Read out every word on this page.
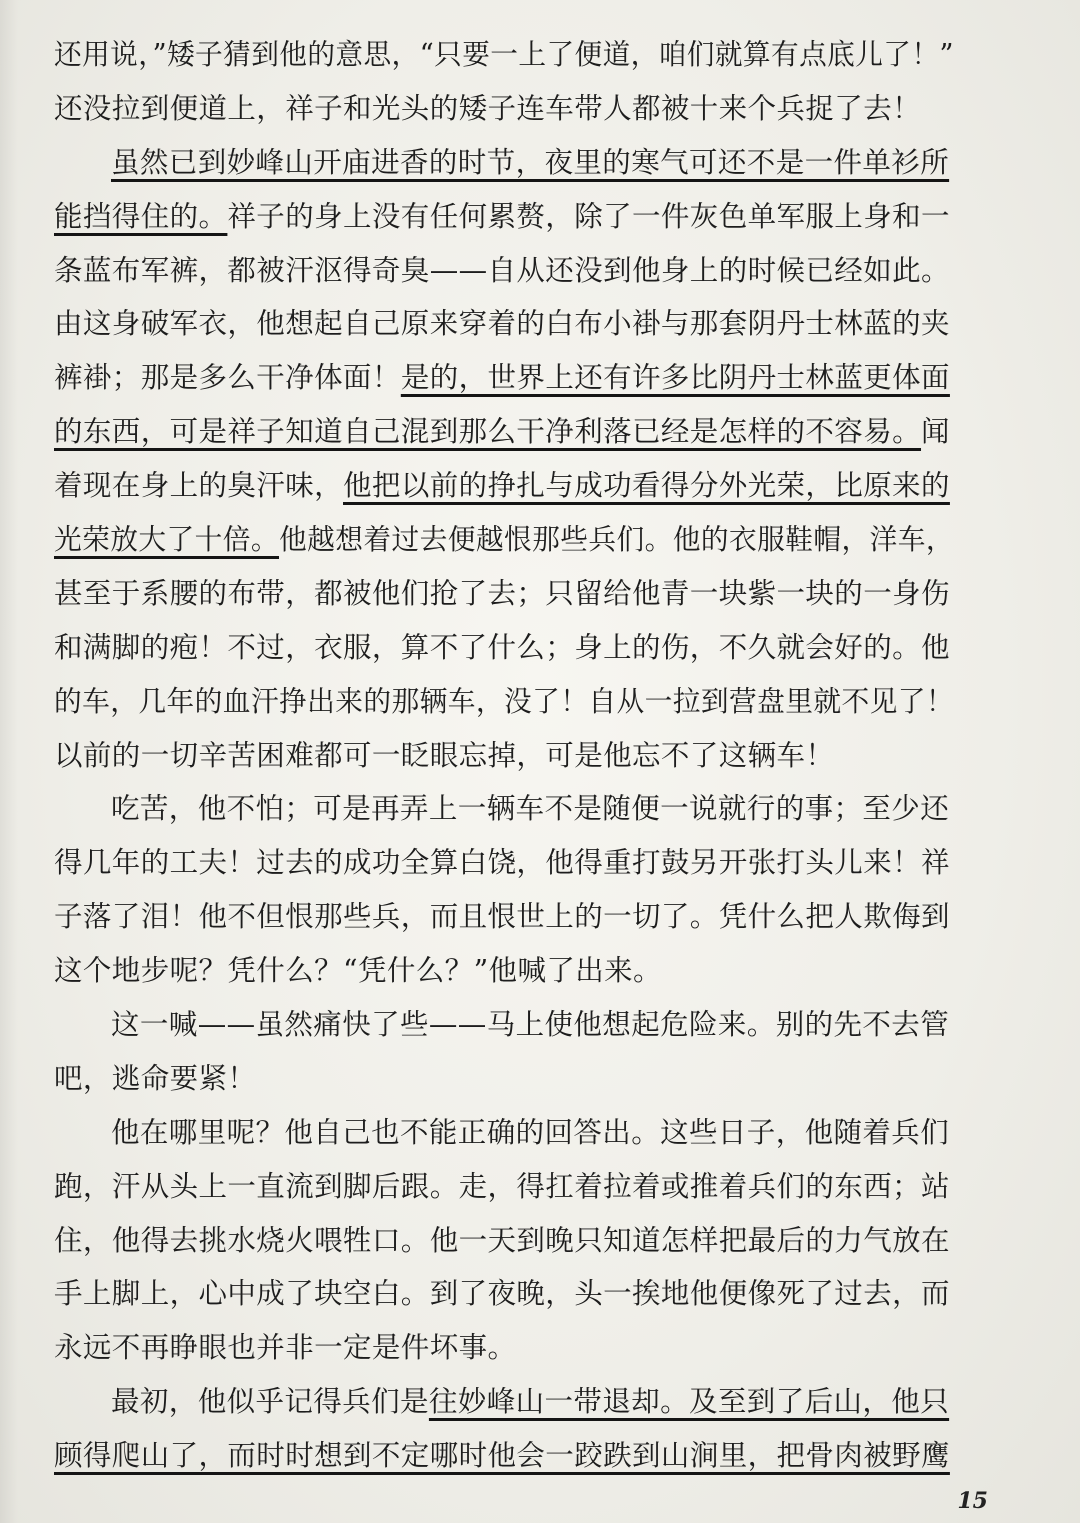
还用说，”矮子猜到他的意思，“只要一上了便道，咱们就算有点底儿了！”
还没拉到便道上，祥子和光头的矮子连车带人都被十来个兵捉了去！
虽然已到妙峰山开庙进香的时节，夜里的寒气可还不是一件单衫所
能挡得住的。祥子的身上没有任何累赘，除了一件灰色单军服上身和一
条蓝布军裤，都被汗沤得奇臭——自从还没到他身上的时候已经如此。
由这身破军衣，他想起自己原来穿着的白布小褂与那套阴丹士林蓝的夹
裤褂；那是多么干净体面！是的，世界上还有许多比阴丹士林蓝更体面
的东西，可是祥子知道自己混到那么干净利落已经是怎样的不容易。闻
着现在身上的臭汗味，他把以前的挣扎与成功看得分外光荣，比原来的
光荣放大了十倍。他越想着过去便越恨那些兵们。他的衣服鞋帽，洋车，
甚至于系腰的布带，都被他们抢了去；只留给他青一块紫一块的一身伤
和满脚的疱！不过，衣服，算不了什么；身上的伤，不久就会好的。他
的车，几年的血汗挣出来的那辆车，没了！自从一拉到营盘里就不见了！
以前的一切辛苦困难都可一眨眼忘掉，可是他忘不了这辆车！
吃苦，他不怕；可是再弄上一辆车不是随便一说就行的事；至少还
得几年的工夫！过去的成功全算白饶，他得重打鼓另开张打头儿来！祥
子落了泪！他不但恨那些兵，而且恨世上的一切了。凭什么把人欺侮到
这个地步呢？凭什么？“凭什么？”他喊了出来。
这一喊——虽然痛快了些——马上使他想起危险来。别的先不去管
吧，逃命要紧！
他在哪里呢？他自己也不能正确的回答出。这些日子，他随着兵们
跑，汗从头上一直流到脚后跟。走，得扛着拉着或推着兵们的东西；站
住，他得去挑水烧火喂牲口。他一天到晚只知道怎样把最后的力气放在
手上脚上，心中成了块空白。到了夜晚，头一挨地他便像死了过去，而
永远不再睁眼也并非一定是件坏事。
最初，他似乎记得兵们是往妙峰山一带退却。及至到了后山，他只
顾得爬山了，而时时想到不定哪时他会一跤跌到山涧里，把骨肉被野鹰
15
